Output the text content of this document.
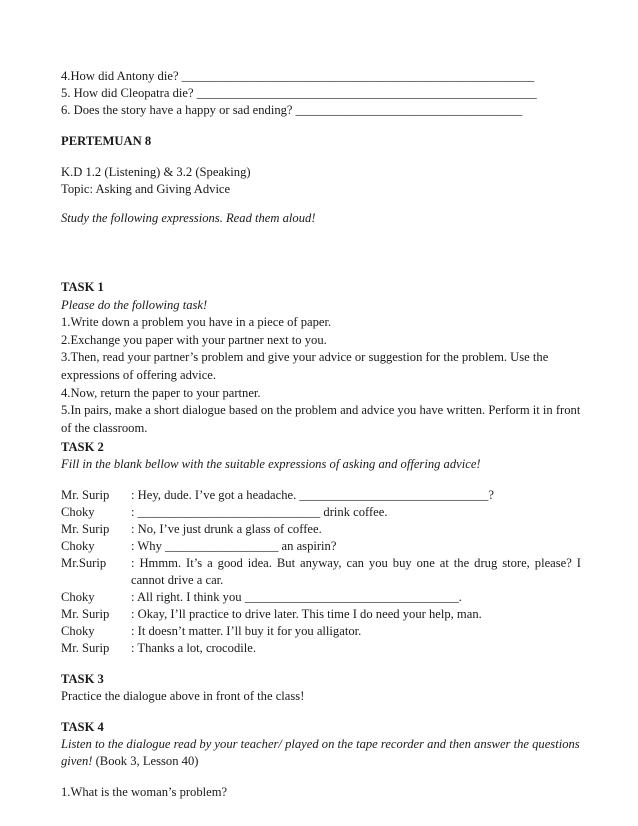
4.How did Antony die? ________________________________________________________

5. How did Cleopatra die? ______________________________________________________

6. Does the story have a happy or sad ending? ____________________________________

PERTEMUAN 8

K.D 1.2 (Listening) & 3.2 (Speaking)

Topic: Asking and Giving Advice

Study the following expressions. Read them aloud!

TASK 1

Please do the following task!

1.Write down a problem you have in a piece of paper.

2.Exchange you paper with your partner next to you.

3.Then, read your partner’s problem and give your advice or suggestion for the problem. Use the expressions of offering advice.

4.Now, return the paper to your partner.

5.In pairs, make a short dialogue based on the problem and advice you have written. Perform it in front of the classroom.

TASK 2

Fill in the blank bellow with the suitable expressions of asking and offering advice!

Mr. Surip	: Hey, dude. I’ve got a headache. ______________________________?
Choky	: _____________________________ drink coffee.
Mr. Surip	: No, I’ve just drunk a glass of coffee.
Choky	: Why __________________ an aspirin?
Mr.Surip	: Hmmm. It’s a good idea. But anyway, can you buy one at the drug store, please? I cannot drive a car.
Choky	: All right. I think you __________________________________.
Mr. Surip	: Okay, I’ll practice to drive later. This time I do need your help, man.
Choky	: It doesn’t matter. I’ll buy it for you alligator.
Mr. Surip	: Thanks a lot, crocodile.

TASK 3

Practice the dialogue above in front of the class!

TASK 4

Listen to the dialogue read by your teacher/ played on the tape recorder and then answer the questions given! (Book 3, Lesson 40)

1.What is the woman’s problem?
